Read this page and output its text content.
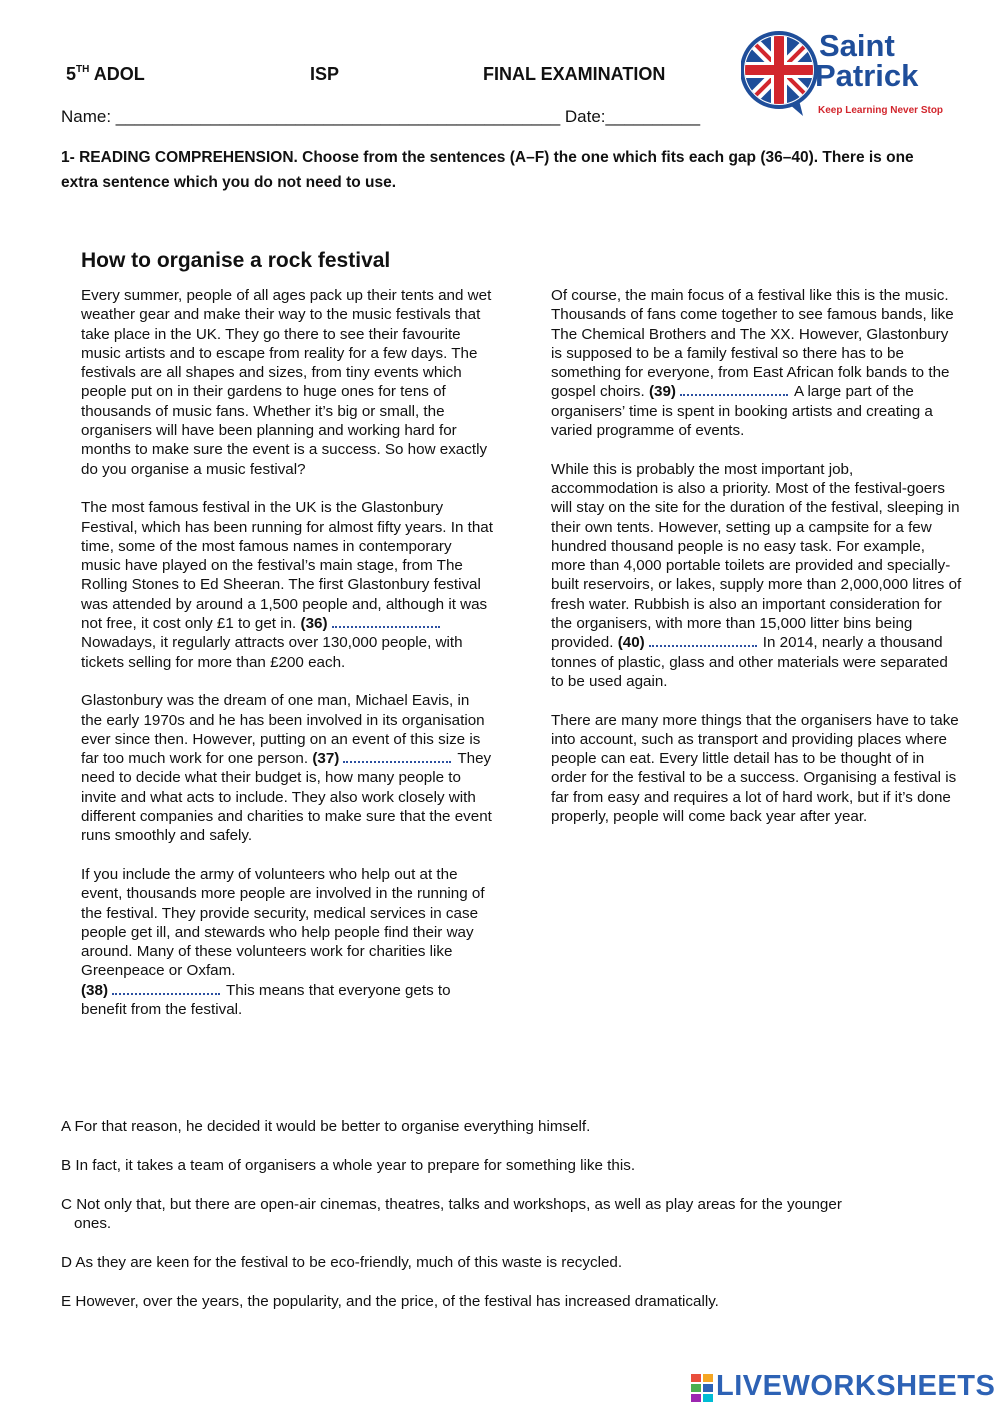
5TH ADOL	ISP	FINAL EXAMINATION
Saint
Patrick
Keep Learning Never Stop
Name: _______________________________________________ Date:__________
1- READING COMPREHENSION. Choose from the sentences (A–F) the one which fits each gap (36–40). There is one extra sentence which you do not need to use.
How to organise a rock festival

Every summer, people of all ages pack up their tents and wet weather gear and make their way to the music festivals that take place in the UK. They go there to see their favourite music artists and to escape from reality for a few days. The festivals are all shapes and sizes, from tiny events which people put on in their gardens to huge ones for tens of thousands of music fans. Whether it’s big or small, the organisers will have been planning and working hard for months to make sure the event is a success. So how exactly do you organise a music festival?

The most famous festival in the UK is the Glastonbury Festival, which has been running for almost fifty years. In that time, some of the most famous names in contemporary music have played on the festival’s main stage, from The Rolling Stones to Ed Sheeran. The first Glastonbury festival was attended by around a 1,500 people and, although it was not free, it cost only £1 to get in. (36)Nowadays, it regularly attracts over 130,000 people, with tickets selling for more than £200 each.

Glastonbury was the dream of one man, Michael Eavis, in the early 1970s and he has been involved in its organisation ever since then. However, putting on an event of this size is far too much work for one person. (37)	They need to decide what their budget is, how many people to invite and what acts to include. They also work closely with different companies and charities to make sure that the event runs smoothly and safely.

If you include the army of volunteers who help out at the event, thousands more people are involved in the running of the festival. They provide security, medical services in case people get ill, and stewards who help people find their way around. Many of these volunteers work for charities like Greenpeace or Oxfam.
(38)	This means that everyone gets to benefit from the festival.

Of course, the main focus of a festival like this is the music. Thousands of fans come together to see famous bands, like The Chemical Brothers and The XX. However, Glastonbury is supposed to be a family festival so there has to be something for everyone, from East African folk bands to the gospel choirs. (39)	A large part of the organisers’ time is spent in booking artists and creating a varied programme of events.

While this is probably the most important job, accommodation is also a priority. Most of the festival-goers will stay on the site for the duration of the festival, sleeping in their own tents. However, setting up a campsite for a few hundred thousand people is no easy task. For example, more than 4,000 portable toilets are provided and specially-built reservoirs, or lakes, supply more than 2,000,000 litres of fresh water. Rubbish is also an important consideration for the organisers, with more than 15,000 litter bins being provided. (40)	In 2014, nearly a thousand tonnes of plastic, glass and other materials were separated to be used again.

There are many more things that the organisers have to take into account, such as transport and providing places where people can eat. Every little detail has to be thought of in order for the festival to be a success. Organising a festival is far from easy and requires a lot of hard work, but if it’s done properly, people will come back year after year.

A For that reason, he decided it would be better to organise everything himself.
B In fact, it takes a team of organisers a whole year to prepare for something like this.
C Not only that, but there are open-air cinemas, theatres, talks and workshops, as well as play areas for the younger
ones.
D As they are keen for the festival to be eco-friendly, much of this waste is recycled.
E However, over the years, the popularity, and the price, of the festival has increased dramatically.
LIVEWORKSHEETS
